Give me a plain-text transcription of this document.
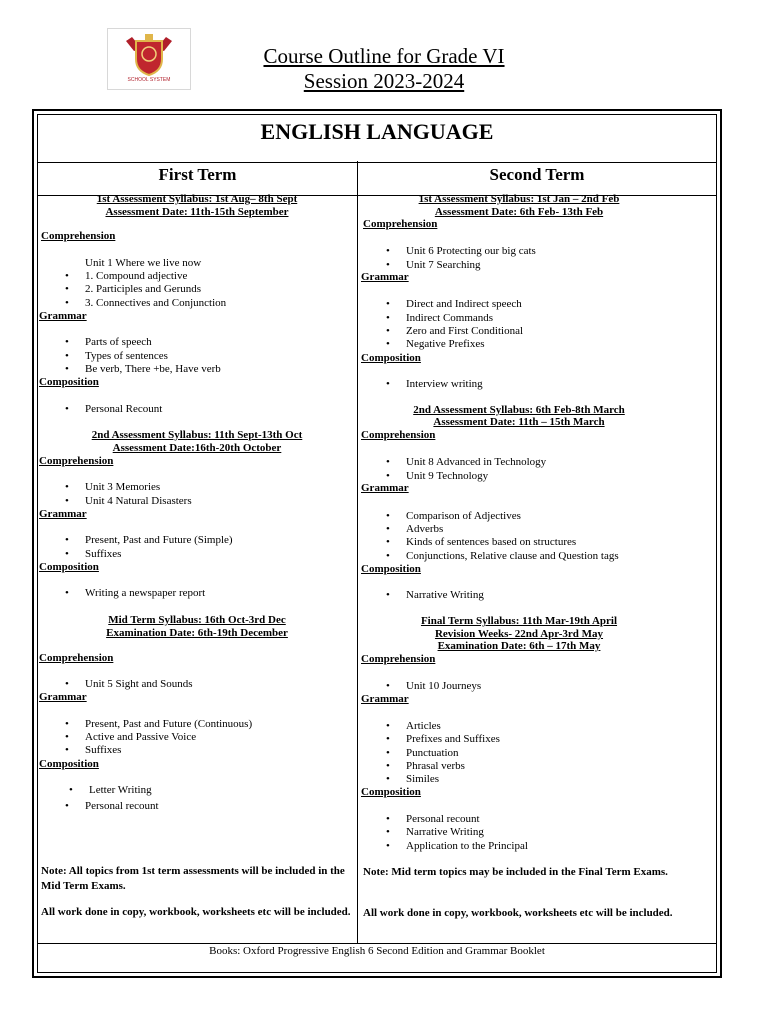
SCHOOL SYSTEM
Course Outline for Grade VI
Session 2023-2024
ENGLISH LANGUAGE
First Term	Second Term
Books: Oxford Progressive English 6 Second Edition and Grammar Booklet
1st Assessment Syllabus: 1st Aug– 8th Sept
Assessment Date: 11th-15th September
Comprehension
Unit 1 Where we live now
• 1. Compound adjective
• 2. Participles and Gerunds
• 3. Connectives and Conjunction
Grammar
• Parts of speech
• Types of sentences
• Be verb, There +be, Have verb
Composition
• Personal Recount
2nd Assessment Syllabus: 11th Sept-13th Oct
Assessment Date:16th-20th October
Comprehension
• Unit 3 Memories
• Unit 4 Natural Disasters
Grammar
• Present, Past and Future (Simple)
• Suffixes
Composition
• Writing a newspaper report
Mid Term Syllabus: 16th Oct-3rd Dec
Examination Date: 6th-19th December
Comprehension
• Unit 5 Sight and Sounds
Grammar
• Present, Past and Future (Continuous)
• Active and Passive Voice
• Suffixes
Composition
• Letter Writing
• Personal recount
Note: All topics from 1st term assessments will be included in the Mid Term Exams.
All work done in copy, workbook, worksheets etc will be included.
1st Assessment Syllabus: 1st Jan – 2nd Feb
Assessment Date: 6th Feb- 13th Feb
Comprehension
• Unit 6 Protecting our big cats
• Unit 7 Searching
Grammar
• Direct and Indirect speech
• Indirect Commands
• Zero and First Conditional
• Negative Prefixes
Composition
• Interview writing
2nd Assessment Syllabus: 6th Feb-8th March
Assessment Date: 11th – 15th March
Comprehension
• Unit 8 Advanced in Technology
• Unit 9 Technology
Grammar
• Comparison of Adjectives
• Adverbs
• Kinds of sentences based on structures
• Conjunctions, Relative clause and Question tags
Composition
• Narrative Writing
Final Term Syllabus: 11th Mar-19th April
Revision Weeks- 22nd Apr-3rd May
Examination Date: 6th – 17th May
Comprehension
• Unit 10 Journeys
Grammar
• Articles
• Prefixes and Suffixes
• Punctuation
• Phrasal verbs
• Similes
Composition
• Personal recount
• Narrative Writing
• Application to the Principal
Note: Mid term topics may be included in the Final Term Exams.
All work done in copy, workbook, worksheets etc will be included.
